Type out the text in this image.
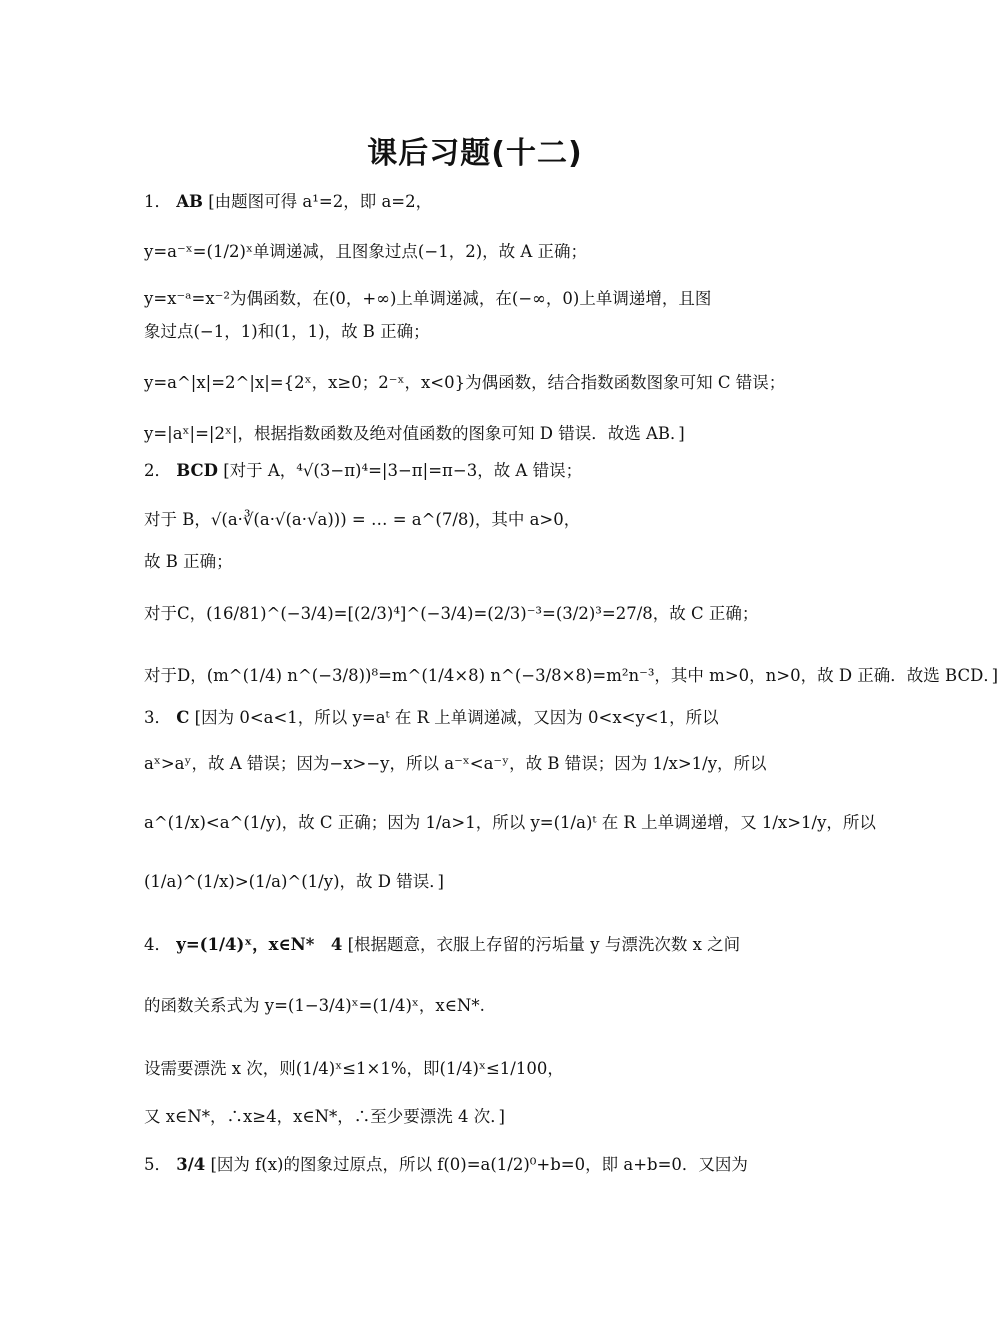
课后习题(十二)
1． AB [由题图可得 a¹=2，即 a=2，
y=a⁻ˣ=(1/2)ˣ单调递减，且图象过点(−1，2)，故 A 正确；
y=x⁻ᵃ=x⁻²为偶函数，在(0，+∞)上单调递减，在(−∞，0)上单调递增，且图
象过点(−1，1)和(1，1)，故 B 正确；
y=a^|x|=2^|x|={2ˣ，x≥0；2⁻ˣ，x<0}为偶函数，结合指数函数图象可知 C 错误；
y=|aˣ|=|2ˣ|，根据指数函数及绝对值函数的图象可知 D 错误．故选 AB．]
2． BCD [对于 A，⁴√(3−π)⁴=|3−π|=π−3，故 A 错误；
对于 B，√(a·∛(a·√(a·√a))) = … = a^(7/8)，其中 a>0，
故 B 正确；
对于C，(16/81)^(−3/4)=[(2/3)⁴]^(−3/4)=(2/3)⁻³=(3/2)³=27/8，故 C 正确；
对于D，(m^(1/4) n^(−3/8))⁸=m^(1/4×8) n^(−3/8×8)=m²n⁻³，其中 m>0，n>0，故 D 正确．故选 BCD．]
3． C [因为 0<a<1，所以 y=aᵗ 在 R 上单调递减，又因为 0<x<y<1，所以
aˣ>aʸ，故 A 错误；因为−x>−y，所以 a⁻ˣ<a⁻ʸ，故 B 错误；因为 1/x>1/y，所以
a^(1/x)<a^(1/y)，故 C 正确；因为 1/a>1，所以 y=(1/a)ᵗ 在 R 上单调递增，又 1/x>1/y，所以
(1/a)^(1/x)>(1/a)^(1/y)，故 D 错误．]
4． y=(1/4)ˣ，x∈N*　4 [根据题意，衣服上存留的污垢量 y 与漂洗次数 x 之间
的函数关系式为 y=(1−3/4)ˣ=(1/4)ˣ，x∈N*.
设需要漂洗 x 次，则(1/4)ˣ≤1×1%，即(1/4)ˣ≤1/100，
又 x∈N*，∴x≥4，x∈N*，∴至少要漂洗 4 次．]
5． 3/4 [因为 f(x)的图象过原点，所以 f(0)=a(1/2)⁰+b=0，即 a+b=0．又因为
